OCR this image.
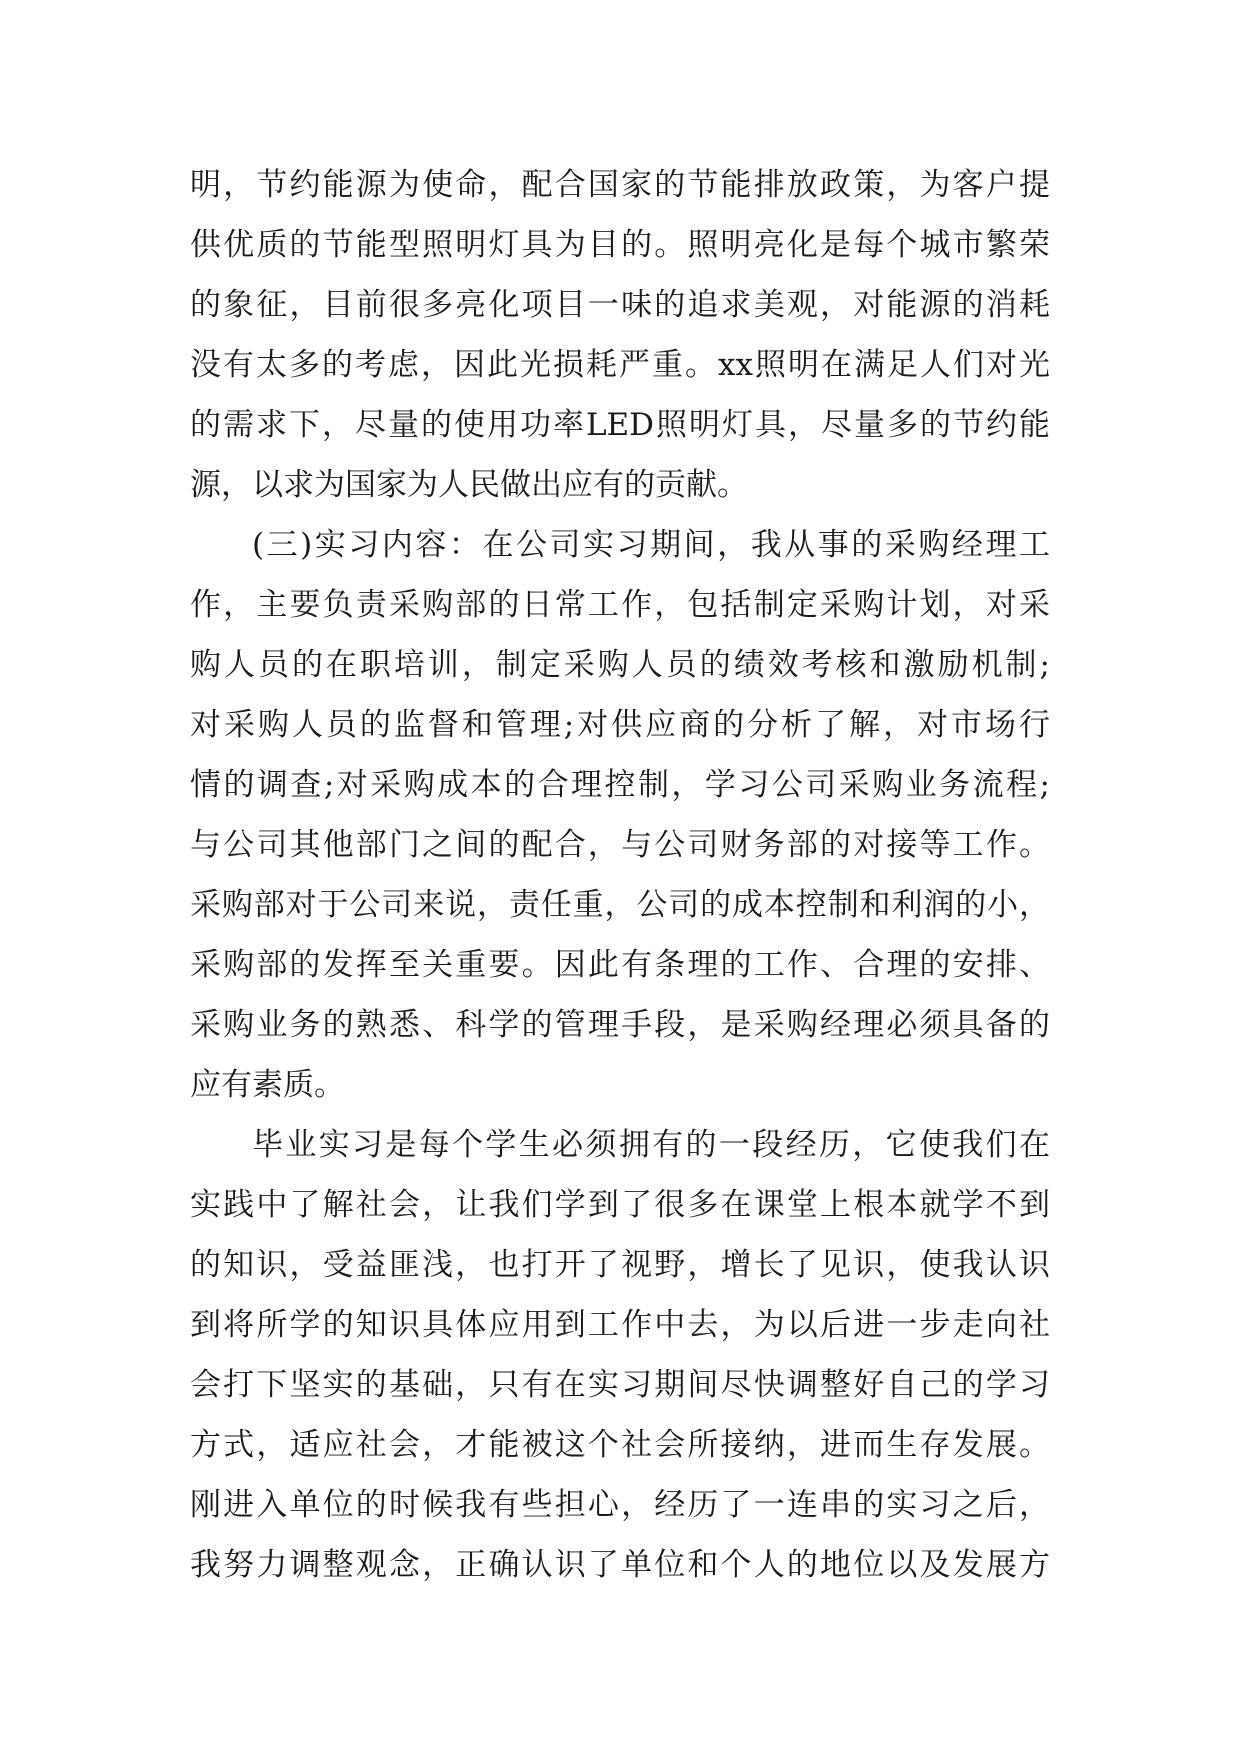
明，节约能源为使命，配合国家的节能排放政策，为客户提
供优质的节能型照明灯具为目的。照明亮化是每个城市繁荣
的象征，目前很多亮化项目一味的追求美观，对能源的消耗
没有太多的考虑，因此光损耗严重。xx照明在满足人们对光
的需求下，尽量的使用功率LED照明灯具，尽量多的节约能
源，以求为国家为人民做出应有的贡献。
(三)实习内容：在公司实习期间，我从事的采购经理工
作，主要负责采购部的日常工作，包括制定采购计划，对采
购人员的在职培训，制定采购人员的绩效考核和激励机制;
对采购人员的监督和管理;对供应商的分析了解，对市场行
情的调查;对采购成本的合理控制，学习公司采购业务流程;
与公司其他部门之间的配合，与公司财务部的对接等工作。
采购部对于公司来说，责任重，公司的成本控制和利润的小，
采购部的发挥至关重要。因此有条理的工作、合理的安排、
采购业务的熟悉、科学的管理手段，是采购经理必须具备的
应有素质。
毕业实习是每个学生必须拥有的一段经历，它使我们在
实践中了解社会，让我们学到了很多在课堂上根本就学不到
的知识，受益匪浅，也打开了视野，增长了见识，使我认识
到将所学的知识具体应用到工作中去，为以后进一步走向社
会打下坚实的基础，只有在实习期间尽快调整好自己的学习
方式，适应社会，才能被这个社会所接纳，进而生存发展。
刚进入单位的时候我有些担心，经历了一连串的实习之后，
我努力调整观念，正确认识了单位和个人的地位以及发展方
